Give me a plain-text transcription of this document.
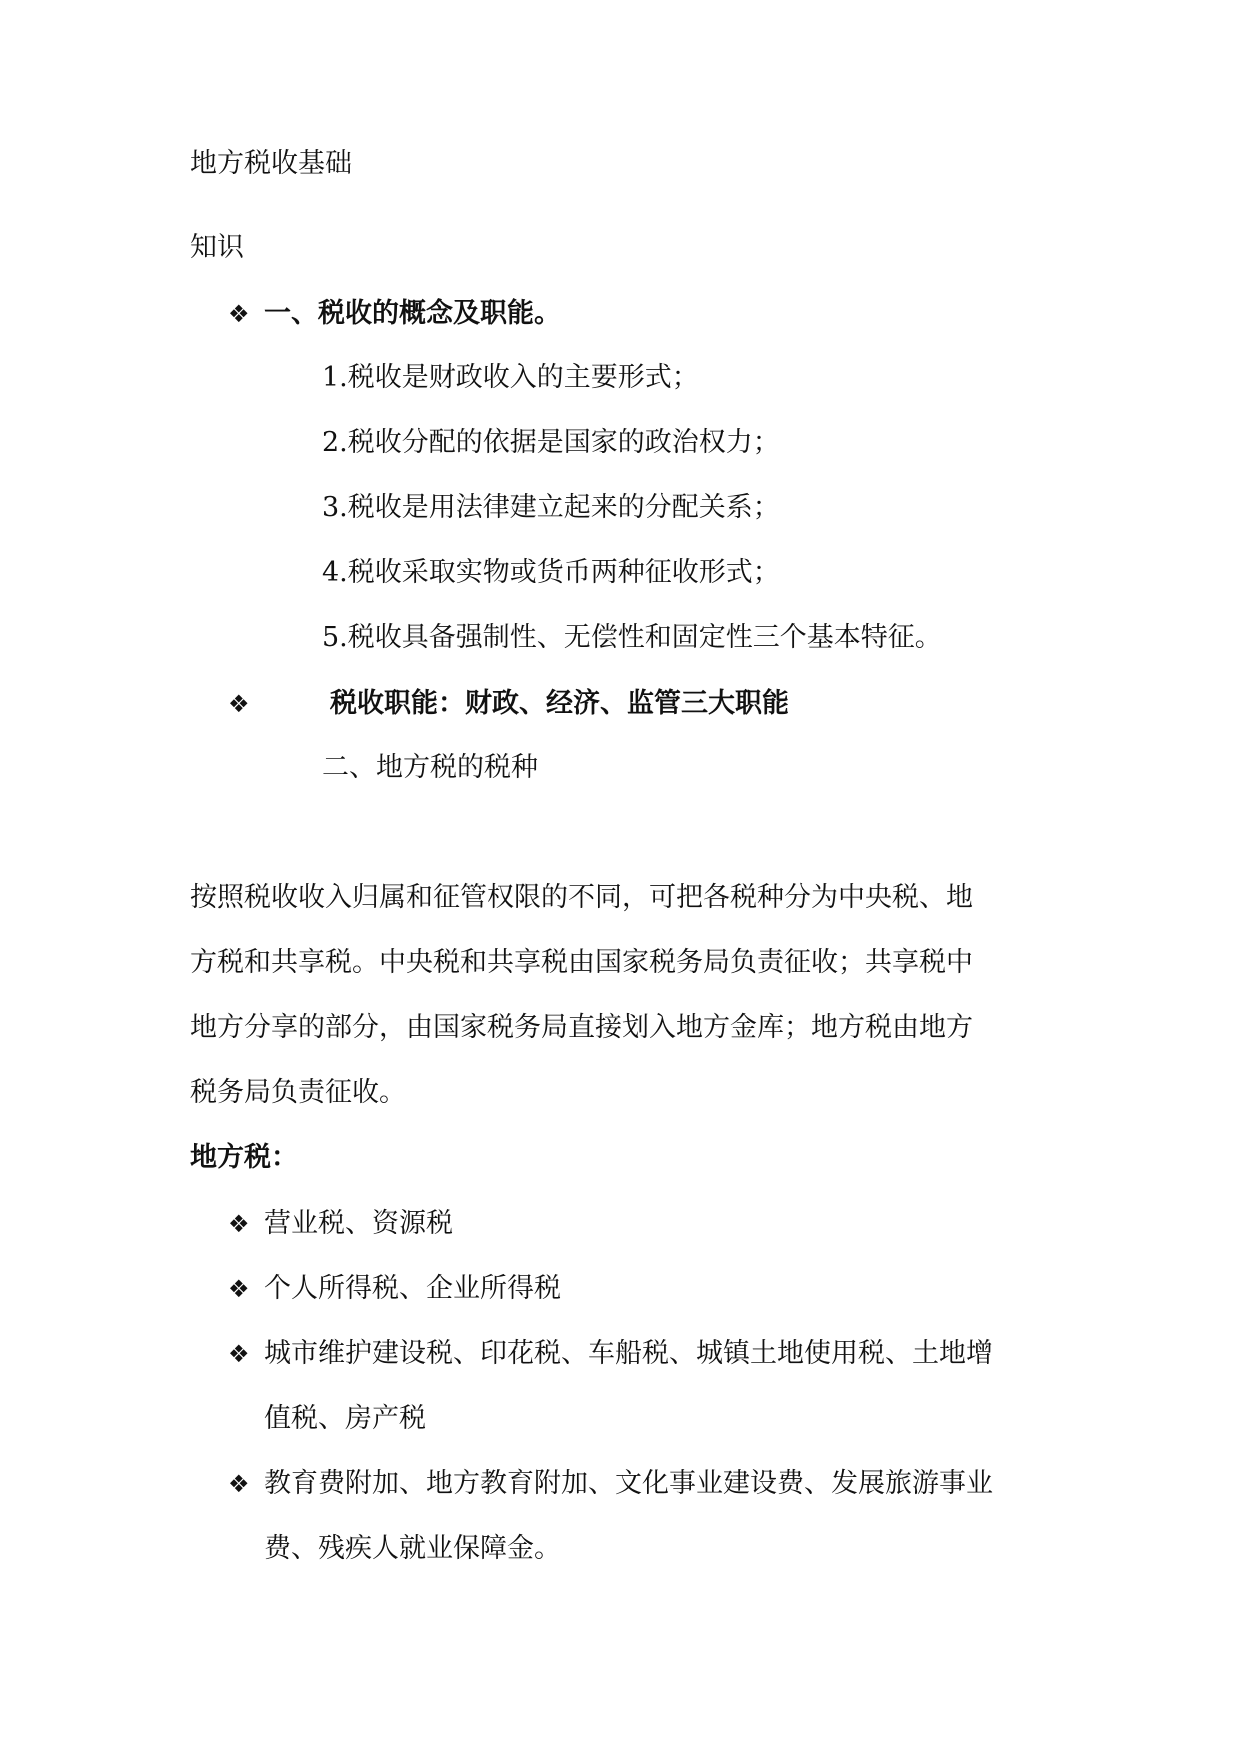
地方税收基础
知识
❖ 一、税收的概念及职能。
1.税收是财政收入的主要形式；
2.税收分配的依据是国家的政治权力；
3.税收是用法律建立起来的分配关系；
4.税收采取实物或货币两种征收形式；
5.税收具备强制性、无偿性和固定性三个基本特征。
❖	税收职能：财政、经济、监管三大职能
二、地方税的税种
按照税收收入归属和征管权限的不同，可把各税种分为中央税、地
方税和共享税。中央税和共享税由国家税务局负责征收；共享税中
地方分享的部分，由国家税务局直接划入地方金库；地方税由地方
税务局负责征收。
地方税：
❖ 营业税、资源税
❖ 个人所得税、企业所得税
❖ 城市维护建设税、印花税、车船税、城镇土地使用税、土地增
值税、房产税
❖ 教育费附加、地方教育附加、文化事业建设费、发展旅游事业
费、残疾人就业保障金。
